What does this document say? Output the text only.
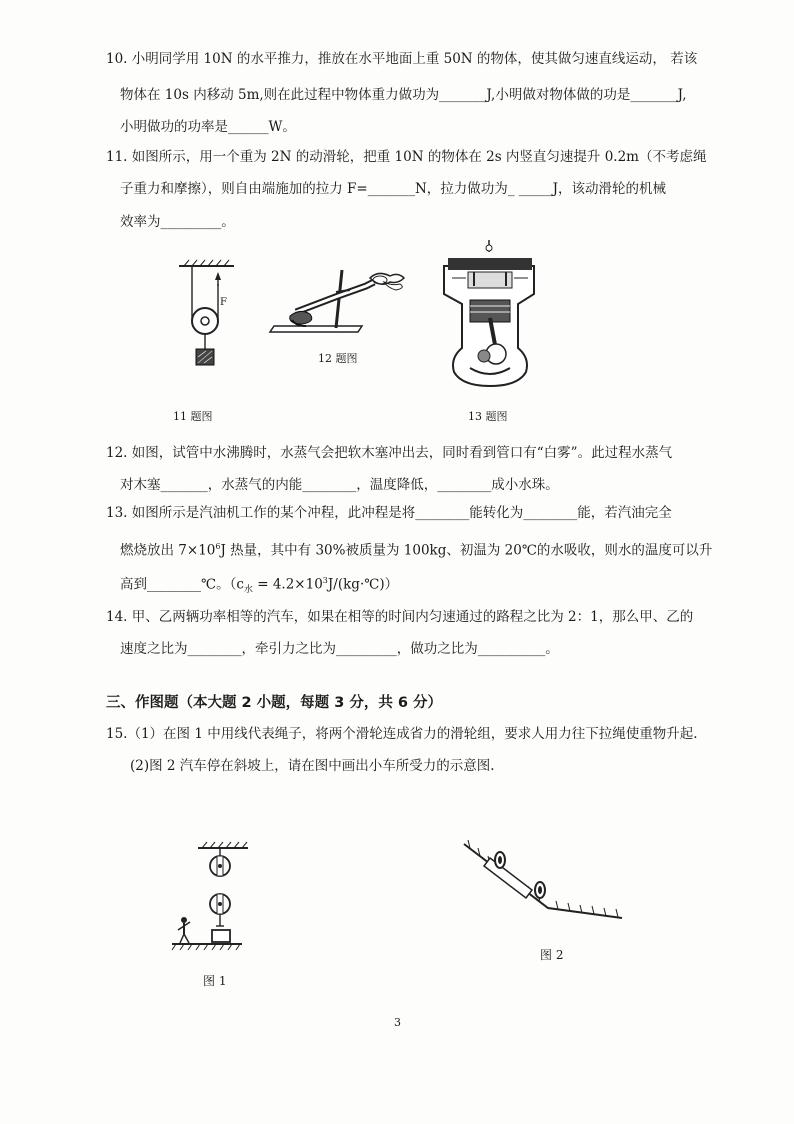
10. 小明同学用 10N 的水平推力，推放在水平地面上重 50N 的物体，使其做匀速直线运动， 若该
物体在 10s 内移动 5m,则在此过程中物体重力做功为_______J,小明做对物体做的功是_______J,
小明做功的功率是______W。
11. 如图所示，用一个重为 2N 的动滑轮，把重 10N 的物体在 2s 内竖直匀速提升 0.2m（不考虑绳
子重力和摩擦），则自由端施加的拉力 F=_______N，拉力做功为_ _____J，该动滑轮的机械
效率为_________。
F
12 题图
13 题图
11 题图
12. 如图，试管中水沸腾时，水蒸气会把软木塞冲出去，同时看到管口有“白雾”。此过程水蒸气
对木塞_______，水蒸气的内能________，温度降低，________成小水珠。
13. 如图所示是汽油机工作的某个冲程，此冲程是将________能转化为________能，若汽油完全
燃烧放出 $7\times 10^6J$ 热量，其中有 30%被质量为 100kg、初温为 20℃的水吸收，则水的温度可以升
高到________℃。（$c_水$ = $4.2\times 10^3J/(kg\cdot℃)$）
14. 甲、乙两辆功率相等的汽车，如果在相等的时间内匀速通过的路程之比为 2：1，那么甲、乙的
速度之比为________，牵引力之比为_________，做功之比为__________。
三、作图题（本大题 2 小题，每题 3 分，共 6 分）
15.（1）在图 1 中用线代表绳子，将两个滑轮连成省力的滑轮组，要求人用力往下拉绳使重物升起.
(2)图 2 汽车停在斜坡上，请在图中画出小车所受力的示意图.
图 1
图 2
3
